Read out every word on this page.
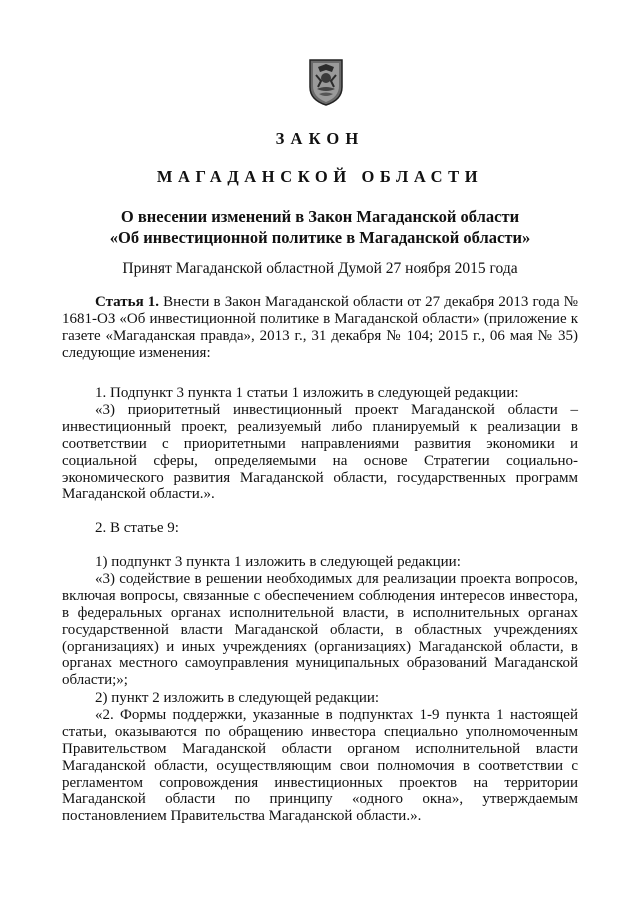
ЗАКОН
МАГАДАНСКОЙ ОБЛАСТИ
О внесении изменений в Закон Магаданской области
«Об инвестиционной политике в Магаданской области»
Принят Магаданской областной Думой 27 ноября 2015 года

Статья 1. Внести в Закон Магаданской области от 27 декабря 2013 года № 1681-ОЗ «Об инвестиционной политике в Магаданской области» (приложение к газете «Магаданская правда», 2013 г., 31 декабря № 104; 2015 г., 06 мая № 35) следующие изменения:

1. Подпункт 3 пункта 1 статьи 1 изложить в следующей редакции:

«3) приоритетный инвестиционный проект Магаданской области – инвестиционный проект, реализуемый либо планируемый к реализации в соответствии с приоритетными направлениями развития экономики и социальной сферы, определяемыми на основе Стратегии социально-экономического развития Магаданской области, государственных программ Магаданской области.».

2. В статье 9:

1) подпункт 3 пункта 1 изложить в следующей редакции:

«3) содействие в решении необходимых для реализации проекта вопросов, включая вопросы, связанные с обеспечением соблюдения интересов инвестора, в федеральных органах исполнительной власти, в исполнительных органах государственной власти Магаданской области, в областных учреждениях (организациях) и иных учреждениях (организациях) Магаданской области, в органах местного самоуправления муниципальных образований Магаданской области;»;

2) пункт 2 изложить в следующей редакции:

«2. Формы поддержки, указанные в подпунктах 1-9 пункта 1 настоящей статьи, оказываются по обращению инвестора специально уполномоченным Правительством Магаданской области органом исполнительной власти Магаданской области, осуществляющим свои полномочия в соответствии с регламентом сопровождения инвестиционных проектов на территории Магаданской области по принципу «одного окна», утверждаемым постановлением Правительства Магаданской области.».
